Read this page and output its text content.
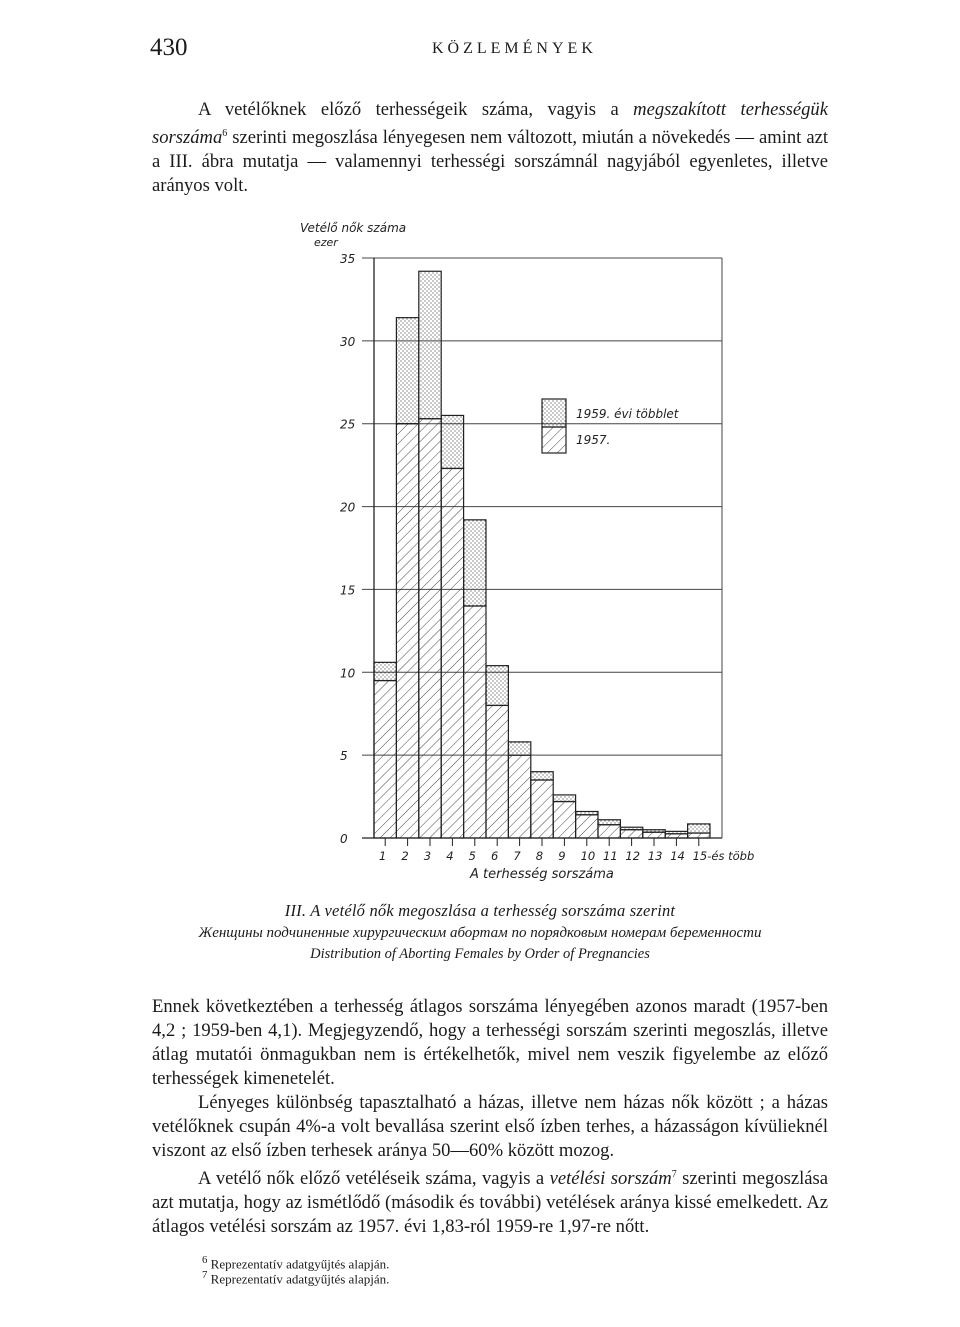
430	KÖZLEMÉNYEK

A vetélőknek előző terhességeik száma, vagyis a megszakított terhességük sorszáma$^6$ szerinti megoszlása lényegesen nem változott, miután a növekedés — amint azt a III. ábra mutatja — valamennyi terhességi sorszámnál nagyjából egyenletes, illetve arányos volt.

0
5
10
15
20
25
30
35
1 2 3 4 5 6 7 8 9 10 11 12 13 14 15-és több
Vetélő nők száma
ezer
A terhesség sorszáma
1959. évi többlet
1957.
III. A vetélő nők megoszlása a terhesség sorszáma szerint
Женщины подчиненные хирургическим абортам по порядковым номерам беременности
Distribution of Aborting Females by Order of Pregnancies

Ennek következtében a terhesség átlagos sorszáma lényegében azonos maradt (1957-ben 4,2 ; 1959-ben 4,1). Megjegyzendő, hogy a terhességi sorszám szerinti megoszlás, illetve átlag mutatói önmagukban nem is értékelhetők, mivel nem veszik figyelembe az előző terhességek kimenetelét.

Lényeges különbség tapasztalható a házas, illetve nem házas nők között ; a házas vetélőknek csupán 4%-a volt bevallása szerint első ízben terhes, a házasságon kívülieknél viszont az első ízben terhesek aránya 50—60% között mozog.

A vetélő nők előző vetéléseik száma, vagyis a vetélési sorszám$^7$ szerinti megoszlása azt mutatja, hogy az ismétlődő (második és további) vetélések aránya kissé emelkedett. Az átlagos vetélési sorszám az 1957. évi 1,83-ról 1959-re 1,97-re nőtt.

$^6$ Reprezentatív adatgyűjtés alapján.
$^7$ Reprezentatív adatgyűjtés alapján.
